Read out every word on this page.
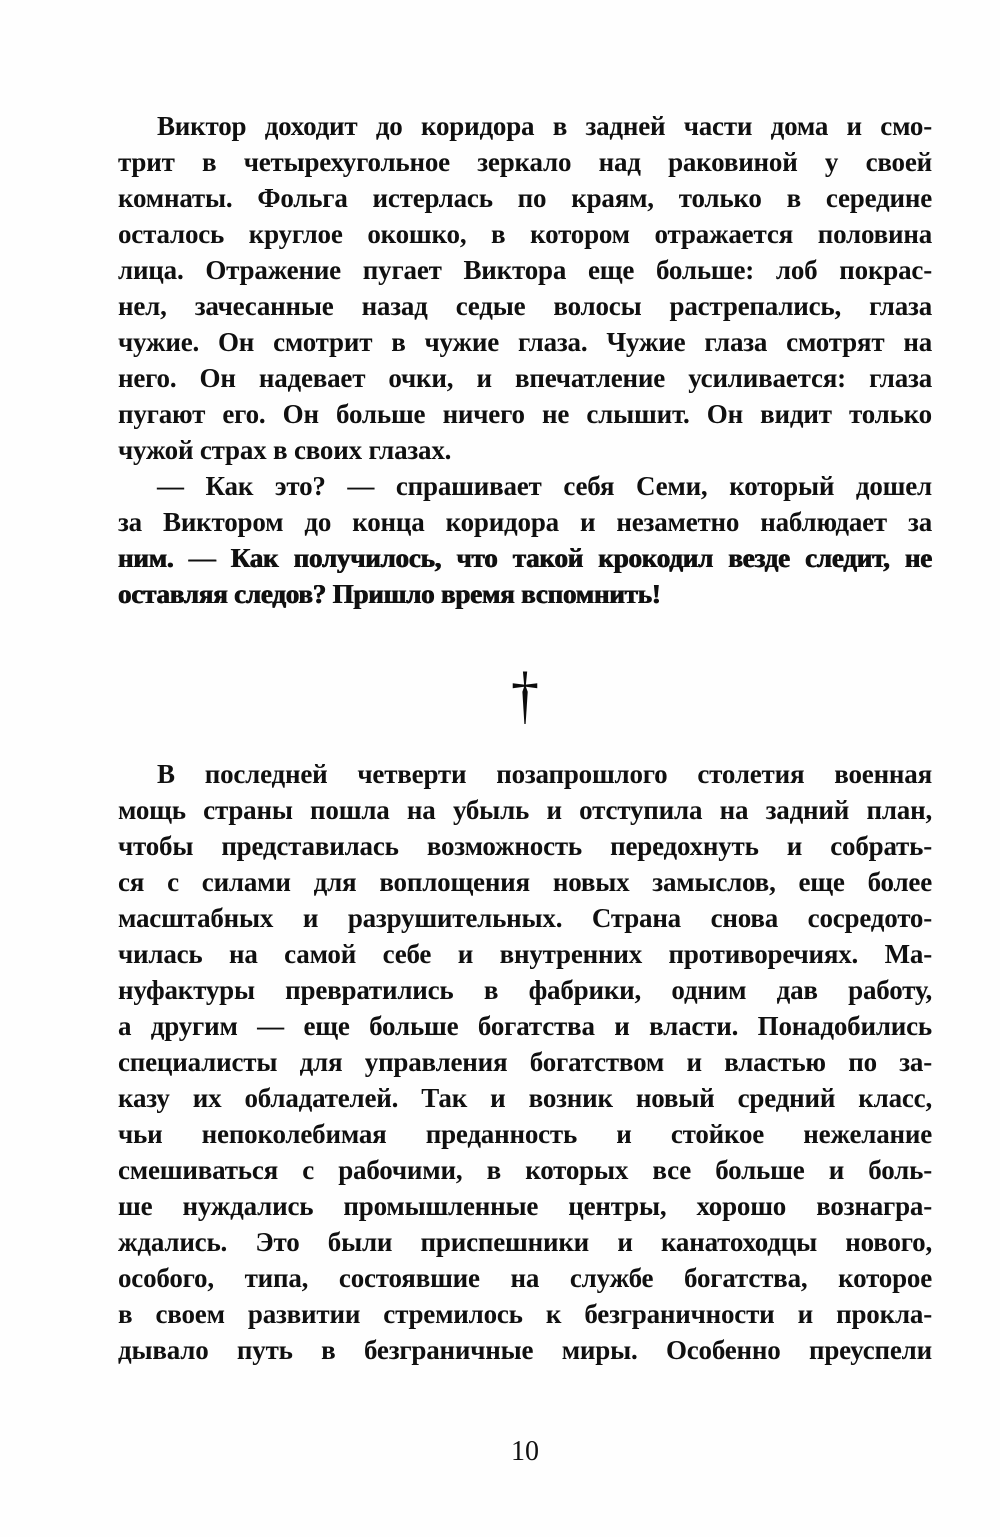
Виктор доходит до коридора в задней части дома и смо-
трит в четырехугольное зеркало над раковиной у своей
комнаты. Фольга истерлась по краям, только в середине
осталось круглое окошко, в котором отражается половина
лица. Отражение пугает Виктора еще больше: лоб покрас-
нел, зачесанные назад седые волосы растрепались, глаза
чужие. Он смотрит в чужие глаза. Чужие глаза смотрят на
него. Он надевает очки, и впечатление усиливается: глаза
пугают его. Он больше ничего не слышит. Он видит только
чужой страх в своих глазах.
— Как это? — спрашивает себя Семи, который дошел
за Виктором до конца коридора и незаметно наблюдает за
ним. — Как получилось, что такой крокодил везде следит, не
оставляя следов? Пришло время вспомнить!
†
В последней четверти позапрошлого столетия военная
мощь страны пошла на убыль и отступила на задний план,
чтобы представилась возможность передохнуть и собрать-
ся с силами для воплощения новых замыслов, еще более
масштабных и разрушительных. Страна снова сосредото-
чилась на самой себе и внутренних противоречиях. Ма-
нуфактуры превратились в фабрики, одним дав работу,
а другим — еще больше богатства и власти. Понадобились
специалисты для управления богатством и властью по за-
казу их обладателей. Так и возник новый средний класс,
чьи непоколебимая преданность и стойкое нежелание
смешиваться с рабочими, в которых все больше и боль-
ше нуждались промышленные центры, хорошо вознагра-
ждались. Это были приспешники и канатоходцы нового,
особого, типа, состоявшие на службе богатства, которое
в своем развитии стремилось к безграничности и прокла-
дывало путь в безграничные миры. Особенно преуспели
10
